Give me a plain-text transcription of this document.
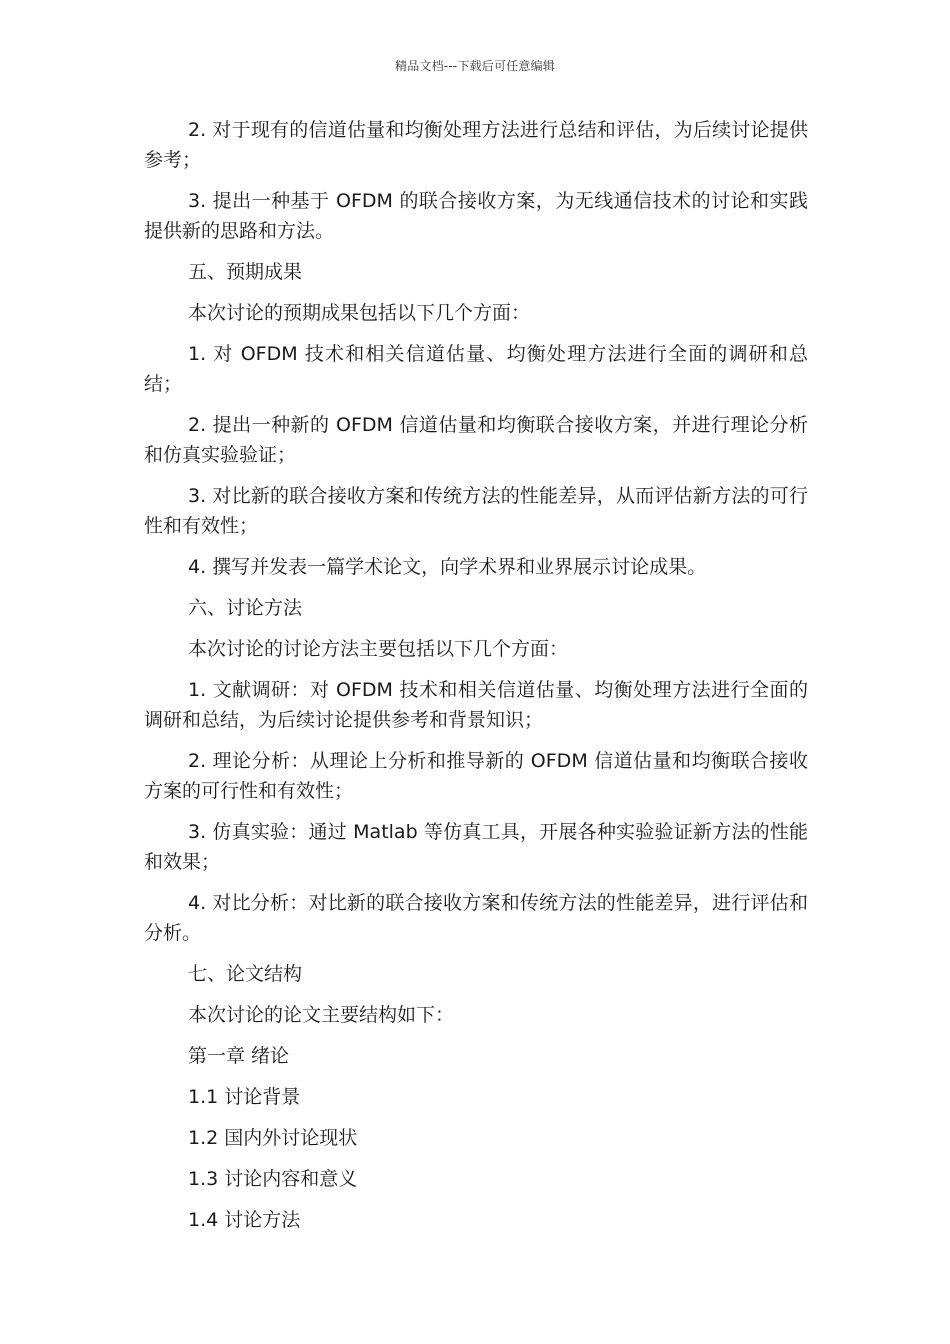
精品文档---下载后可任意编辑

2. 对于现有的信道估量和均衡处理方法进行总结和评估，为后续讨论提供参考；

3. 提出一种基于 OFDM 的联合接收方案，为无线通信技术的讨论和实践提供新的思路和方法。

五、预期成果

本次讨论的预期成果包括以下几个方面：

1. 对 OFDM 技术和相关信道估量、均衡处理方法进行全面的调研和总结；

2. 提出一种新的 OFDM 信道估量和均衡联合接收方案，并进行理论分析和仿真实验验证；

3. 对比新的联合接收方案和传统方法的性能差异，从而评估新方法的可行性和有效性；

4. 撰写并发表一篇学术论文，向学术界和业界展示讨论成果。

六、讨论方法

本次讨论的讨论方法主要包括以下几个方面：

1. 文献调研：对 OFDM 技术和相关信道估量、均衡处理方法进行全面的调研和总结，为后续讨论提供参考和背景知识；

2. 理论分析：从理论上分析和推导新的 OFDM 信道估量和均衡联合接收方案的可行性和有效性；

3. 仿真实验：通过 Matlab 等仿真工具，开展各种实验验证新方法的性能和效果；

4. 对比分析：对比新的联合接收方案和传统方法的性能差异，进行评估和分析。

七、论文结构

本次讨论的论文主要结构如下：

第一章 绪论

1.1 讨论背景

1.2 国内外讨论现状

1.3 讨论内容和意义

1.4 讨论方法
